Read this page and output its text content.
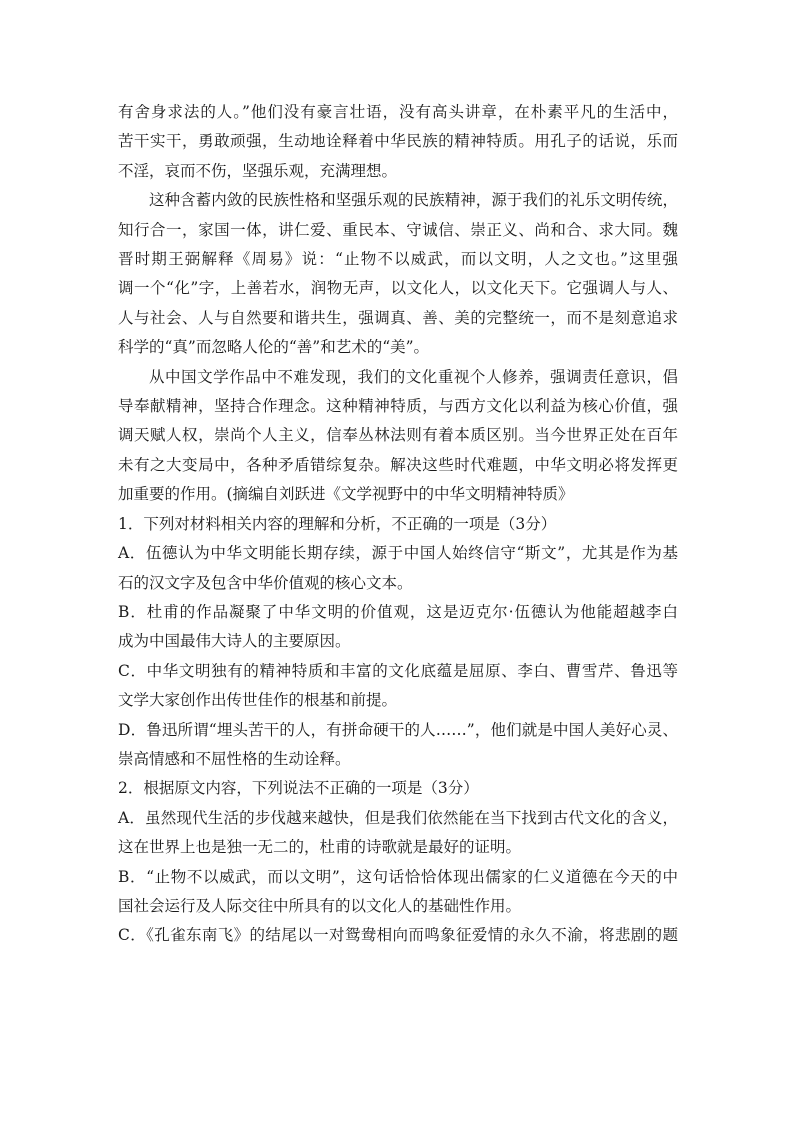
有舍身求法的人。”他们没有豪言壮语，没有高头讲章，在朴素平凡的生活中，
苦干实干，勇敢顽强，生动地诠释着中华民族的精神特质。用孔子的话说，乐而
不淫，哀而不伤，坚强乐观，充满理想。

这种含蓄内敛的民族性格和坚强乐观的民族精神，源于我们的礼乐文明传统，
知行合一，家国一体，讲仁爱、重民本、守诚信、崇正义、尚和合、求大同。魏
晋时期王弼解释《周易》说：“止物不以威武，而以文明，人之文也。”这里强
调一个“化”字，上善若水，润物无声，以文化人，以文化天下。它强调人与人、
人与社会、人与自然要和谐共生，强调真、善、美的完整统一，而不是刻意追求
科学的“真”而忽略人伦的“善”和艺术的“美”。

从中国文学作品中不难发现，我们的文化重视个人修养，强调责任意识，倡
导奉献精神，坚持合作理念。这种精神特质，与西方文化以利益为核心价值，强
调天赋人权，崇尚个人主义，信奉丛林法则有着本质区别。当今世界正处在百年
未有之大变局中，各种矛盾错综复杂。解决这些时代难题，中华文明必将发挥更
加重要的作用。(摘编自刘跃进《文学视野中的中华文明精神特质》

1．下列对材料相关内容的理解和分析，不正确的一项是（3分）

A．伍德认为中华文明能长期存续，源于中国人始终信守“斯文”，尤其是作为基
石的汉文字及包含中华价值观的核心文本。

B．杜甫的作品凝聚了中华文明的价值观，这是迈克尔·伍德认为他能超越李白
成为中国最伟大诗人的主要原因。

C．中华文明独有的精神特质和丰富的文化底蕴是屈原、李白、曹雪芹、鲁迅等
文学大家创作出传世佳作的根基和前提。

D．鲁迅所谓“埋头苦干的人，有拼命硬干的人……”，他们就是中国人美好心灵、
崇高情感和不屈性格的生动诠释。

2．根据原文内容，下列说法不正确的一项是（3分）

A．虽然现代生活的步伐越来越快，但是我们依然能在当下找到古代文化的含义，
这在世界上也是独一无二的，杜甫的诗歌就是最好的证明。

B．“止物不以威武，而以文明”，这句话恰恰体现出儒家的仁义道德在今天的中
国社会运行及人际交往中所具有的以文化人的基础性作用。

C．《孔雀东南飞》的结尾以一对鸳鸯相向而鸣象征爱情的永久不渝，将悲剧的题
